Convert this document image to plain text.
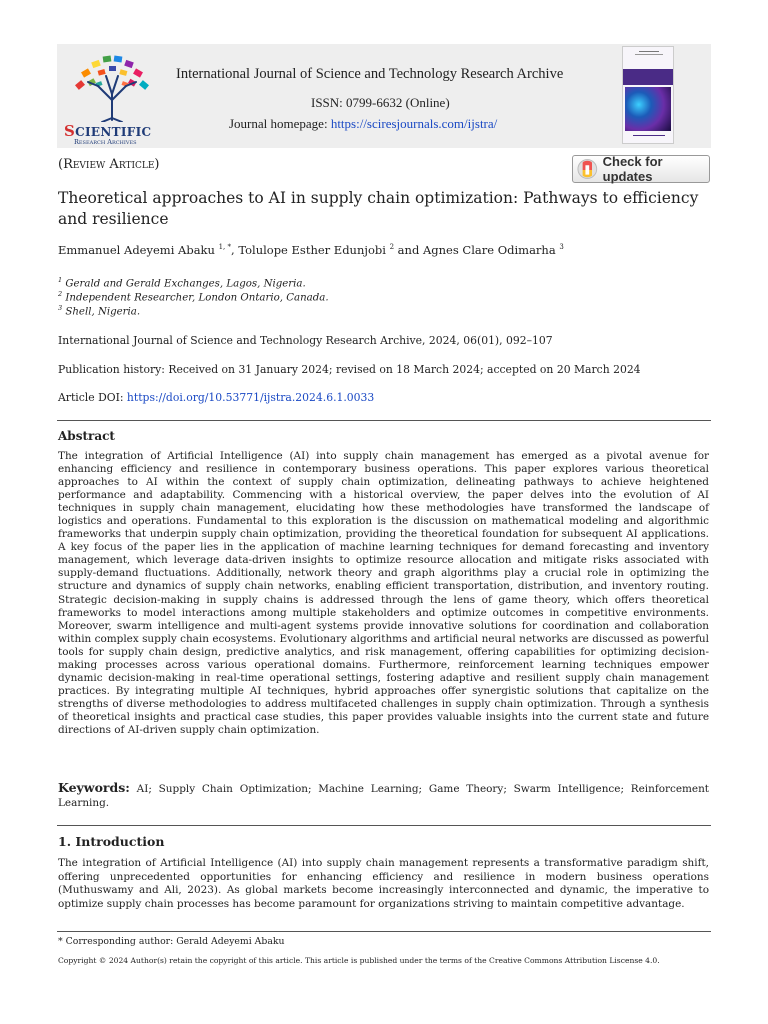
SCIENTIFIC
Research Archives
International Journal of Science and Technology Research Archive
ISSN: 0799-6632 (Online)
Journal homepage: https://sciresjournals.com/ijstra/
(Review Article)	Check for updates
Theoretical approaches to AI in supply chain optimization: Pathways to efficiency and resilience
Emmanuel Adeyemi Abaku $^{1, *}$, Tolulope Esther Edunjobi $^2$ and Agnes Clare Odimarha $^3$
$^1$ Gerald and Gerald Exchanges, Lagos, Nigeria.
$^2$ Independent Researcher, London Ontario, Canada.
$^3$ Shell, Nigeria.
International Journal of Science and Technology Research Archive, 2024, 06(01), 092–107
Publication history: Received on 31 January 2024; revised on 18 March 2024; accepted on 20 March 2024
Article DOI: https://doi.org/10.53771/ijstra.2024.6.1.0033
Abstract
The integration of Artificial Intelligence (AI) into supply chain management has emerged as a pivotal avenue for enhancing efficiency and resilience in contemporary business operations. This paper explores various theoretical approaches to AI within the context of supply chain optimization, delineating pathways to achieve heightened performance and adaptability. Commencing with a historical overview, the paper delves into the evolution of AI techniques in supply chain management, elucidating how these methodologies have transformed the landscape of logistics and operations. Fundamental to this exploration is the discussion on mathematical modeling and algorithmic frameworks that underpin supply chain optimization, providing the theoretical foundation for subsequent AI applications. A key focus of the paper lies in the application of machine learning techniques for demand forecasting and inventory management, which leverage data-driven insights to optimize resource allocation and mitigate risks associated with supply-demand fluctuations. Additionally, network theory and graph algorithms play a crucial role in optimizing the structure and dynamics of supply chain networks, enabling efficient transportation, distribution, and inventory routing. Strategic decision-making in supply chains is addressed through the lens of game theory, which offers theoretical frameworks to model interactions among multiple stakeholders and optimize outcomes in competitive environments. Moreover, swarm intelligence and multi-agent systems provide innovative solutions for coordination and collaboration within complex supply chain ecosystems. Evolutionary algorithms and artificial neural networks are discussed as powerful tools for supply chain design, predictive analytics, and risk management, offering capabilities for optimizing decision-making processes across various operational domains. Furthermore, reinforcement learning techniques empower dynamic decision-making in real-time operational settings, fostering adaptive and resilient supply chain management practices. By integrating multiple AI techniques, hybrid approaches offer synergistic solutions that capitalize on the strengths of diverse methodologies to address multifaceted challenges in supply chain optimization. Through a synthesis of theoretical insights and practical case studies, this paper provides valuable insights into the current state and future directions of AI-driven supply chain optimization.
Keywords: AI; Supply Chain Optimization; Machine Learning; Game Theory; Swarm Intelligence; Reinforcement Learning.
1. Introduction
The integration of Artificial Intelligence (AI) into supply chain management represents a transformative paradigm shift, offering unprecedented opportunities for enhancing efficiency and resilience in modern business operations (Muthuswamy and Ali, 2023). As global markets become increasingly interconnected and dynamic, the imperative to optimize supply chain processes has become paramount for organizations striving to maintain competitive advantage.
* Corresponding author: Gerald Adeyemi Abaku
Copyright © 2024 Author(s) retain the copyright of this article. This article is published under the terms of the Creative Commons Attribution Liscense 4.0.
